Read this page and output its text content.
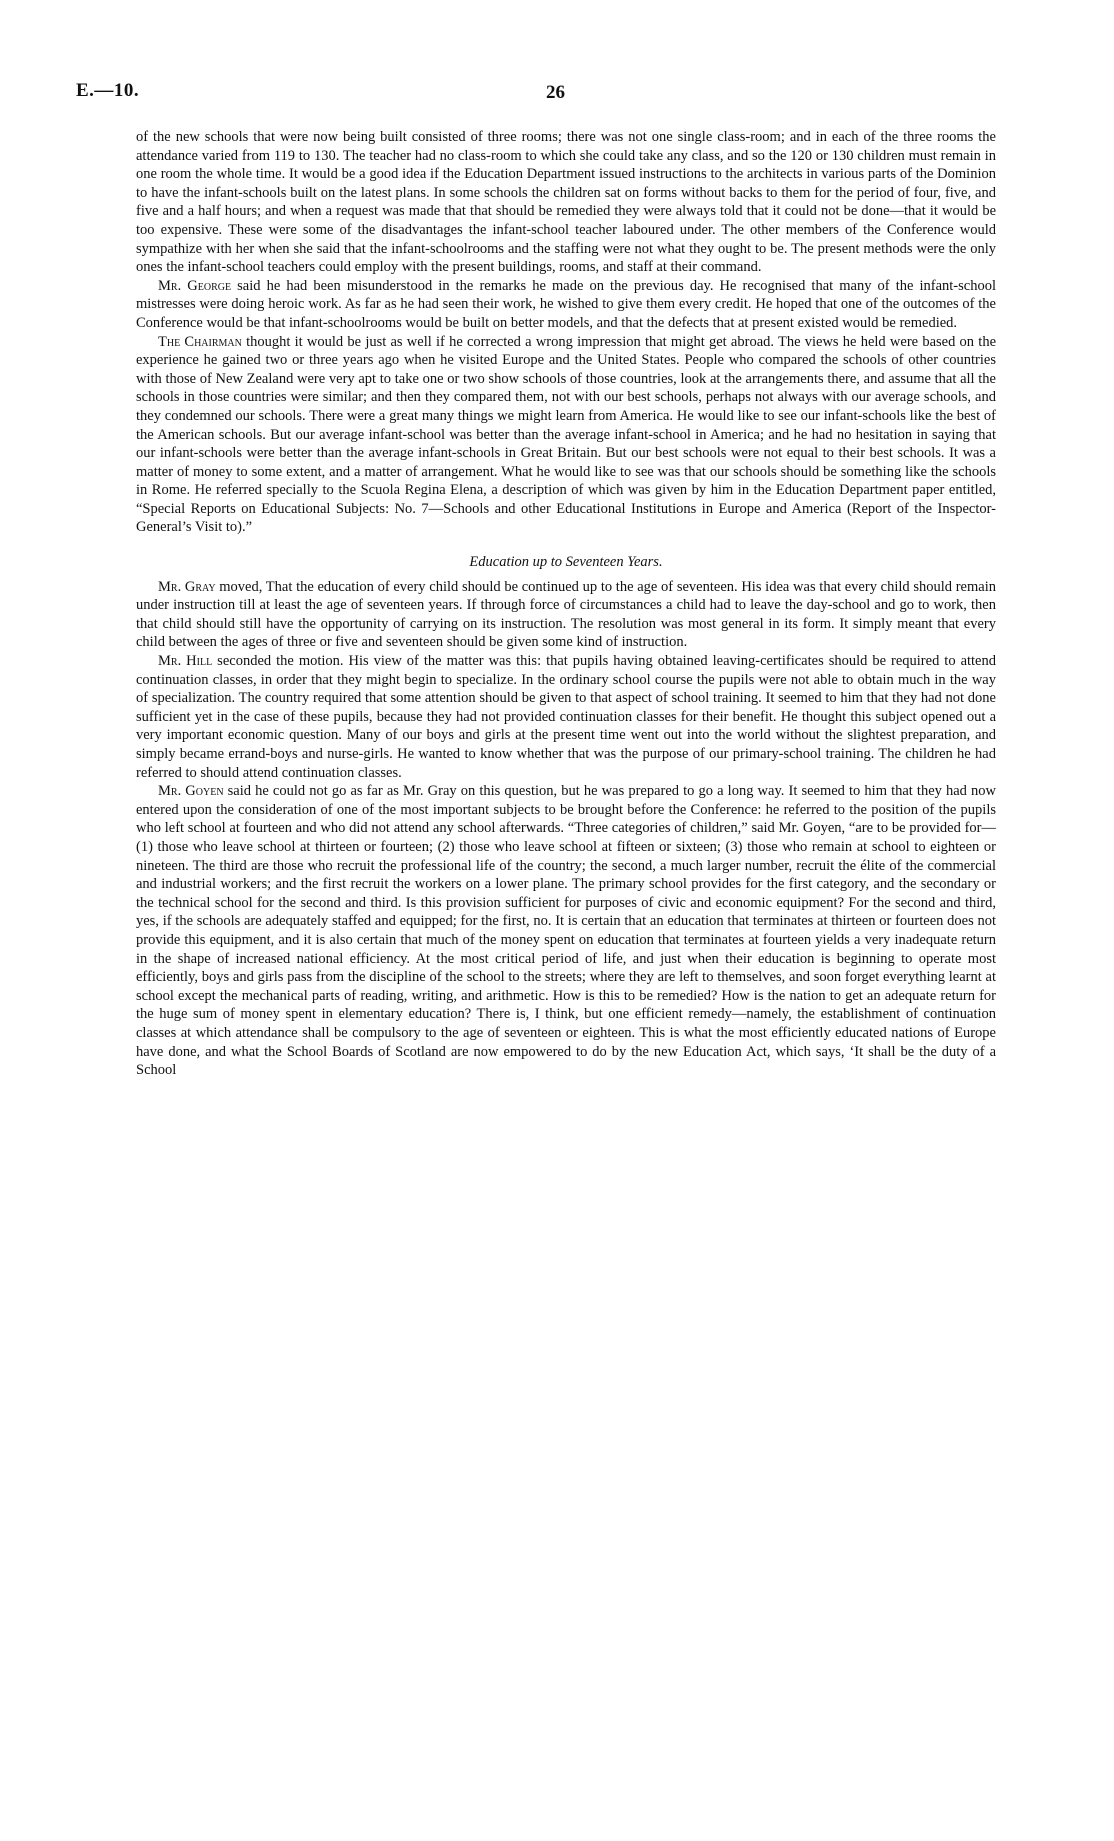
E.—10.	26

of the new schools that were now being built consisted of three rooms; there was not one single class-room; and in each of the three rooms the attendance varied from 119 to 130. The teacher had no class-room to which she could take any class, and so the 120 or 130 children must remain in one room the whole time. It would be a good idea if the Education Department issued instructions to the architects in various parts of the Dominion to have the infant-schools built on the latest plans. In some schools the children sat on forms without backs to them for the period of four, five, and five and a half hours; and when a request was made that that should be remedied they were always told that it could not be done—that it would be too expensive. These were some of the disadvantages the infant-school teacher laboured under. The other members of the Conference would sympathize with her when she said that the infant-schoolrooms and the staffing were not what they ought to be. The present methods were the only ones the infant-school teachers could employ with the present buildings, rooms, and staff at their command.

Mr. George said he had been misunderstood in the remarks he made on the previous day. He recognised that many of the infant-school mistresses were doing heroic work. As far as he had seen their work, he wished to give them every credit. He hoped that one of the outcomes of the Conference would be that infant-schoolrooms would be built on better models, and that the defects that at present existed would be remedied.

The Chairman thought it would be just as well if he corrected a wrong impression that might get abroad. The views he held were based on the experience he gained two or three years ago when he visited Europe and the United States. People who compared the schools of other countries with those of New Zealand were very apt to take one or two show schools of those countries, look at the arrangements there, and assume that all the schools in those countries were similar; and then they compared them, not with our best schools, perhaps not always with our average schools, and they condemned our schools. There were a great many things we might learn from America. He would like to see our infant-schools like the best of the American schools. But our average infant-school was better than the average infant-school in America; and he had no hesitation in saying that our infant-schools were better than the average infant-schools in Great Britain. But our best schools were not equal to their best schools. It was a matter of money to some extent, and a matter of arrangement. What he would like to see was that our schools should be something like the schools in Rome. He referred specially to the Scuola Regina Elena, a description of which was given by him in the Education Department paper entitled, “Special Reports on Educational Subjects: No. 7—Schools and other Educational Institutions in Europe and America (Report of the Inspector-General’s Visit to).”

Education up to Seventeen Years.

Mr. Gray moved, That the education of every child should be continued up to the age of seventeen. His idea was that every child should remain under instruction till at least the age of seventeen years. If through force of circumstances a child had to leave the day-school and go to work, then that child should still have the opportunity of carrying on its instruction. The resolution was most general in its form. It simply meant that every child between the ages of three or five and seventeen should be given some kind of instruction.

Mr. Hill seconded the motion. His view of the matter was this: that pupils having obtained leaving-certificates should be required to attend continuation classes, in order that they might begin to specialize. In the ordinary school course the pupils were not able to obtain much in the way of specialization. The country required that some attention should be given to that aspect of school training. It seemed to him that they had not done sufficient yet in the case of these pupils, because they had not provided continuation classes for their benefit. He thought this subject opened out a very important economic question. Many of our boys and girls at the present time went out into the world without the slightest preparation, and simply became errand-boys and nurse-girls. He wanted to know whether that was the purpose of our primary-school training. The children he had referred to should attend continuation classes.

Mr. Goyen said he could not go as far as Mr. Gray on this question, but he was prepared to go a long way. It seemed to him that they had now entered upon the consideration of one of the most important subjects to be brought before the Conference: he referred to the position of the pupils who left school at fourteen and who did not attend any school afterwards. “Three categories of children,” said Mr. Goyen, “are to be provided for—(1) those who leave school at thirteen or fourteen; (2) those who leave school at fifteen or sixteen; (3) those who remain at school to eighteen or nineteen. The third are those who recruit the professional life of the country; the second, a much larger number, recruit the élite of the commercial and industrial workers; and the first recruit the workers on a lower plane. The primary school provides for the first category, and the secondary or the technical school for the second and third. Is this provision sufficient for purposes of civic and economic equipment? For the second and third, yes, if the schools are adequately staffed and equipped; for the first, no. It is certain that an education that terminates at thirteen or fourteen does not provide this equipment, and it is also certain that much of the money spent on education that terminates at fourteen yields a very inadequate return in the shape of increased national efficiency. At the most critical period of life, and just when their education is beginning to operate most efficiently, boys and girls pass from the discipline of the school to the streets; where they are left to themselves, and soon forget everything learnt at school except the mechanical parts of reading, writing, and arithmetic. How is this to be remedied? How is the nation to get an adequate return for the huge sum of money spent in elementary education? There is, I think, but one efficient remedy—namely, the establishment of continuation classes at which attendance shall be compulsory to the age of seventeen or eighteen. This is what the most efficiently educated nations of Europe have done, and what the School Boards of Scotland are now empowered to do by the new Education Act, which says, ‘It shall be the duty of a School
